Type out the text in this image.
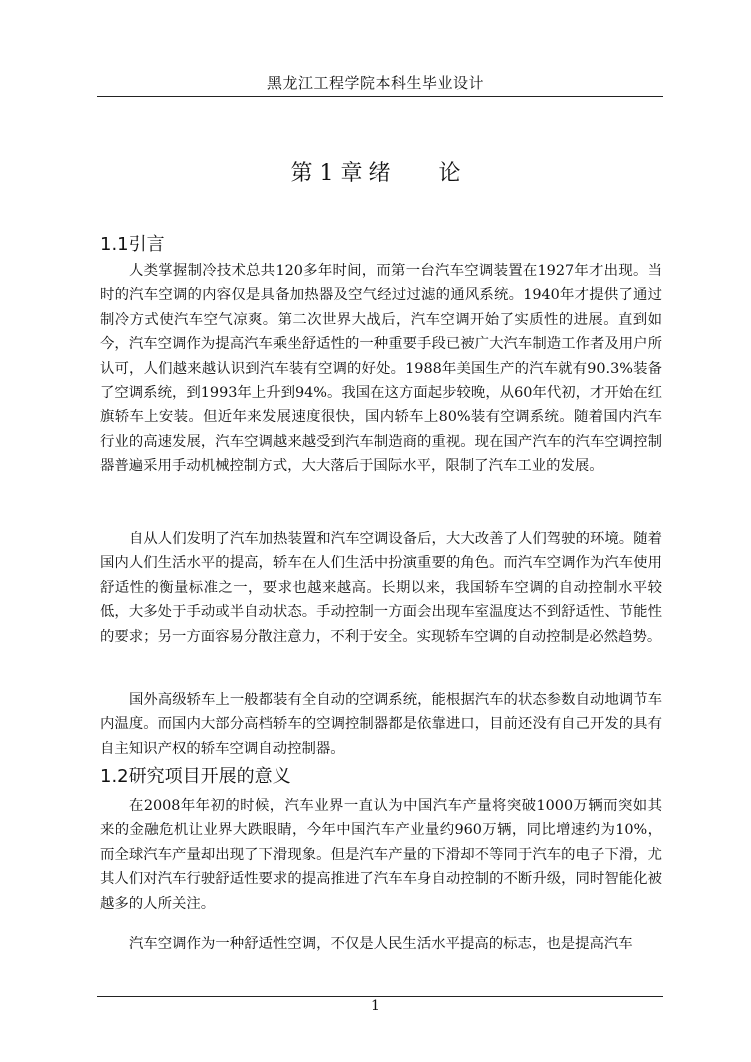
黑龙江工程学院本科生毕业设计
第 1 章 绪 论
1.1引言

人类掌握制冷技术总共120多年时间，而第一台汽车空调装置在1927年才出现。当时的汽车空调的内容仅是具备加热器及空气经过过滤的通风系统。1940年才提供了通过制冷方式使汽车空气凉爽。第二次世界大战后，汽车空调开始了实质性的进展。直到如今，汽车空调作为提高汽车乘坐舒适性的一种重要手段已被广大汽车制造工作者及用户所认可，人们越来越认识到汽车装有空调的好处。1988年美国生产的汽车就有90.3%装备了空调系统，到1993年上升到94%。我国在这方面起步较晚，从60年代初，才开始在红旗轿车上安装。但近年来发展速度很快，国内轿车上80%装有空调系统。随着国内汽车行业的高速发展，汽车空调越来越受到汽车制造商的重视。现在国产汽车的汽车空调控制器普遍采用手动机械控制方式，大大落后于国际水平，限制了汽车工业的发展。

自从人们发明了汽车加热装置和汽车空调设备后，大大改善了人们驾驶的环境。随着国内人们生活水平的提高，轿车在人们生活中扮演重要的角色。而汽车空调作为汽车使用舒适性的衡量标准之一，要求也越来越高。长期以来，我国轿车空调的自动控制水平较低，大多处于手动或半自动状态。手动控制一方面会出现车室温度达不到舒适性、节能性的要求；另一方面容易分散注意力，不利于安全。实现轿车空调的自动控制是必然趋势。

国外高级轿车上一般都装有全自动的空调系统，能根据汽车的状态参数自动地调节车内温度。而国内大部分高档轿车的空调控制器都是依靠进口，目前还没有自己开发的具有自主知识产权的轿车空调自动控制器。

1.2研究项目开展的意义

在2008年年初的时候，汽车业界一直认为中国汽车产量将突破1000万辆而突如其来的金融危机让业界大跌眼睛，今年中国汽车产业量约960万辆，同比增速约为10%，而全球汽车产量却出现了下滑现象。但是汽车产量的下滑却不等同于汽车的电子下滑，尤其人们对汽车行驶舒适性要求的提高推进了汽车车身自动控制的不断升级，同时智能化被越多的人所关注。

汽车空调作为一种舒适性空调，不仅是人民生活水平提高的标志，也是提高汽车

1
